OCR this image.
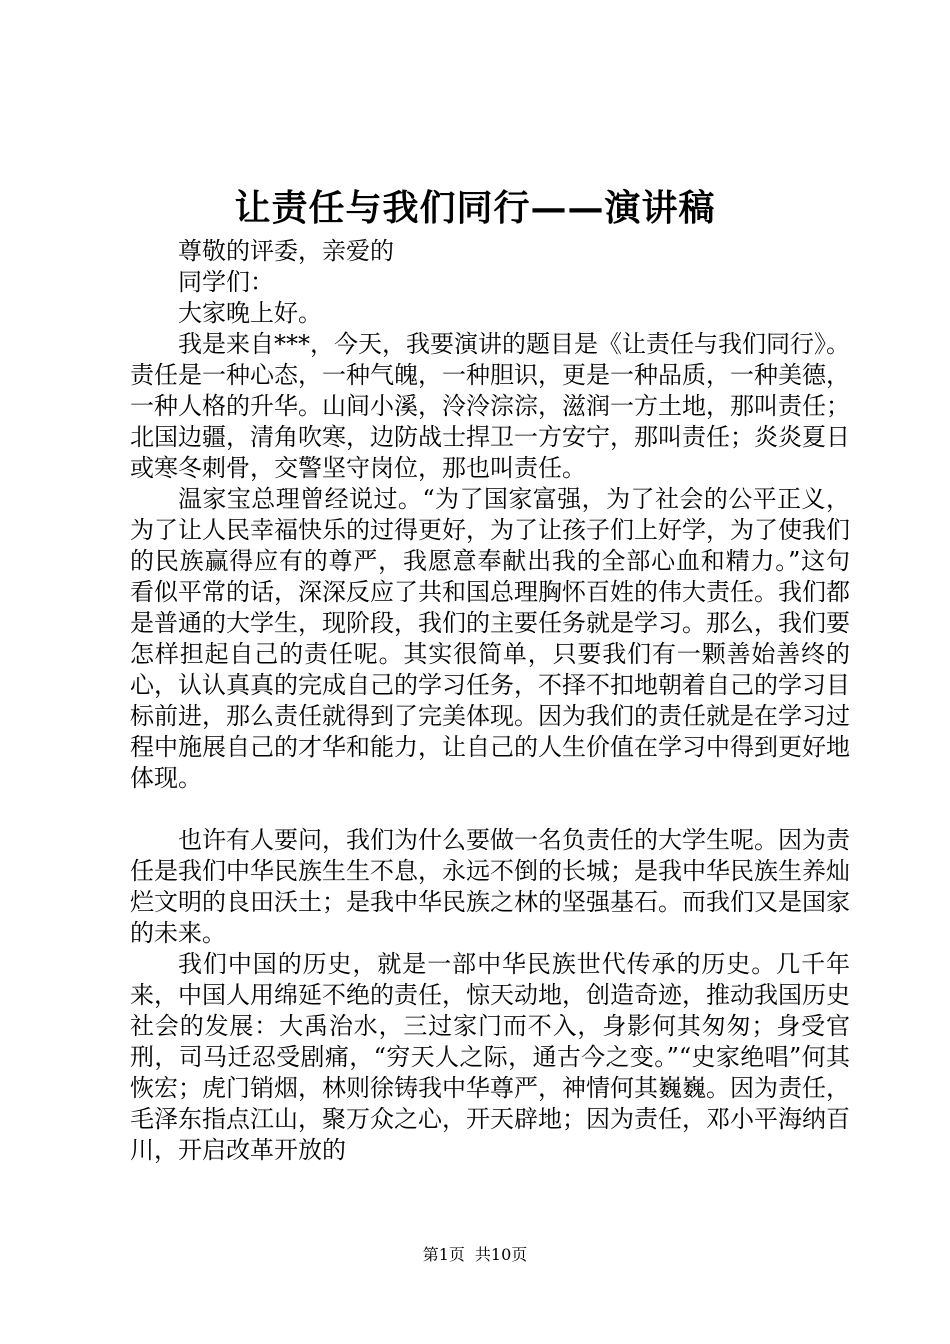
让责任与我们同行——演讲稿

尊敬的评委，亲爱的

同学们：

大家晚上好。

我是来自***，今天，我要演讲的题目是《让责任与我们同行》。责任是一种心态，一种气魄，一种胆识，更是一种品质，一种美德，一种人格的升华。山间小溪，泠泠淙淙，滋润一方土地，那叫责任；北国边疆，清角吹寒，边防战士捍卫一方安宁，那叫责任；炎炎夏日或寒冬刺骨，交警坚守岗位，那也叫责任。

温家宝总理曾经说过。“为了国家富强，为了社会的公平正义，为了让人民幸福快乐的过得更好，为了让孩子们上好学，为了使我们的民族赢得应有的尊严，我愿意奉献出我的全部心血和精力。”这句看似平常的话，深深反应了共和国总理胸怀百姓的伟大责任。我们都是普通的大学生，现阶段，我们的主要任务就是学习。那么，我们要怎样担起自己的责任呢。其实很简单，只要我们有一颗善始善终的心，认认真真的完成自己的学习任务，不择不扣地朝着自己的学习目标前进，那么责任就得到了完美体现。因为我们的责任就是在学习过程中施展自己的才华和能力，让自己的人生价值在学习中得到更好地体现。

也许有人要问，我们为什么要做一名负责任的大学生呢。因为责任是我们中华民族生生不息，永远不倒的长城；是我中华民族生养灿烂文明的良田沃土；是我中华民族之林的坚强基石。而我们又是国家的未来。

我们中国的历史，就是一部中华民族世代传承的历史。几千年来，中国人用绵延不绝的责任，惊天动地，创造奇迹，推动我国历史社会的发展：大禹治水，三过家门而不入，身影何其匆匆；身受官刑，司马迁忍受剧痛，“穷天人之际，通古今之变。”“史家绝唱”何其恢宏；虎门销烟，林则徐铸我中华尊严，神情何其巍巍。因为责任，毛泽东指点江山，聚万众之心，开天辟地；因为责任，邓小平海纳百川，开启改革开放的

第1页 共10页
